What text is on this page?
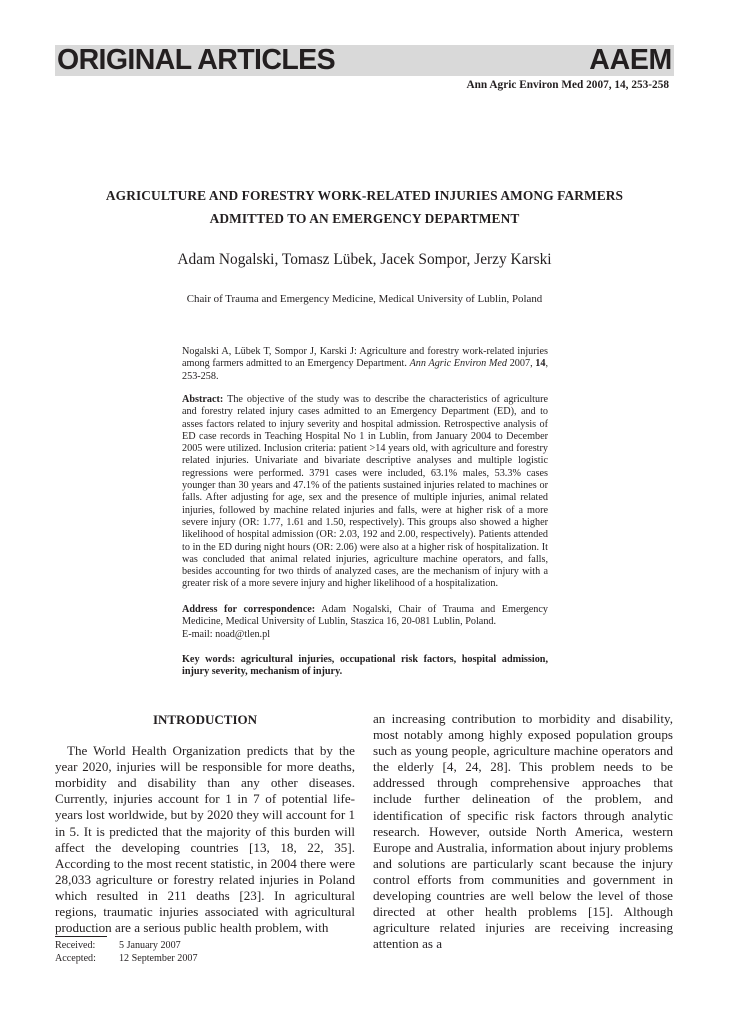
ORIGINAL ARTICLES	AAEM
Ann Agric Environ Med 2007, 14, 253-258
AGRICULTURE AND FORESTRY WORK-RELATED INJURIES AMONG FARMERS
ADMITTED TO AN EMERGENCY DEPARTMENT
Adam Nogalski, Tomasz Lübek, Jacek Sompor, Jerzy Karski
Chair of Trauma and Emergency Medicine, Medical University of Lublin, Poland
Nogalski A, Lübek T, Sompor J, Karski J: Agriculture and forestry work-related injuries among farmers admitted to an Emergency Department. Ann Agric Environ Med 2007, 14, 253-258.
Abstract: The objective of the study was to describe the characteristics of agriculture and forestry related injury cases admitted to an Emergency Department (ED), and to asses factors related to injury severity and hospital admission. Retrospective analysis of ED case records in Teaching Hospital No 1 in Lublin, from January 2004 to December 2005 were utilized. Inclusion criteria: patient >14 years old, with agriculture and forestry related injuries. Univariate and bivariate descriptive analyses and multiple logistic regressions were performed. 3791 cases were included, 63.1% males, 53.3% cases younger than 30 years and 47.1% of the patients sustained injuries related to machines or falls. After adjusting for age, sex and the presence of multiple injuries, animal related injuries, followed by machine related injuries and falls, were at higher risk of a more severe injury (OR: 1.77, 1.61 and 1.50, respectively). This groups also showed a higher likelihood of hospital admission (OR: 2.03, 192 and 2.00, respectively). Patients attended to in the ED during night hours (OR: 2.06) were also at a higher risk of hospitalization. It was concluded that animal related injuries, agriculture machine operators, and falls, besides accounting for two thirds of analyzed cases, are the mechanism of injury with a greater risk of a more severe injury and higher likelihood of a hospitalization.
Address for correspondence: Adam Nogalski, Chair of Trauma and Emergency Medicine, Medical University of Lublin, Staszica 16, 20-081 Lublin, Poland.
E-mail: noad@tlen.pl
Key words: agricultural injuries, occupational risk factors, hospital admission, injury severity, mechanism of injury.
INTRODUCTION

The World Health Organization predicts that by the year 2020, injuries will be responsible for more deaths, morbidity and disability than any other diseases. Currently, injuries account for 1 in 7 of potential life-years lost worldwide, but by 2020 they will account for 1 in 5. It is predicted that the majority of this burden will affect the developing countries [13, 18, 22, 35]. According to the most recent statistic, in 2004 there were 28,033 agriculture or forestry related injuries in Poland which resulted in 211 deaths [23]. In agricultural regions, traumatic injuries associated with agricultural production are a serious public health problem, with

an increasing contribution to morbidity and disability, most notably among highly exposed population groups such as young people, agriculture machine operators and the elderly [4, 24, 28]. This problem needs to be addressed through comprehensive approaches that include further delineation of the problem, and identification of specific risk factors through analytic research. However, outside North America, western Europe and Australia, information about injury problems and solutions are particularly scant because the injury control efforts from communities and government in developing countries are well below the level of those directed at other health problems [15]. Although agriculture related injuries are receiving increasing attention as a

Received:	5 January 2007
Accepted:	12 September 2007
